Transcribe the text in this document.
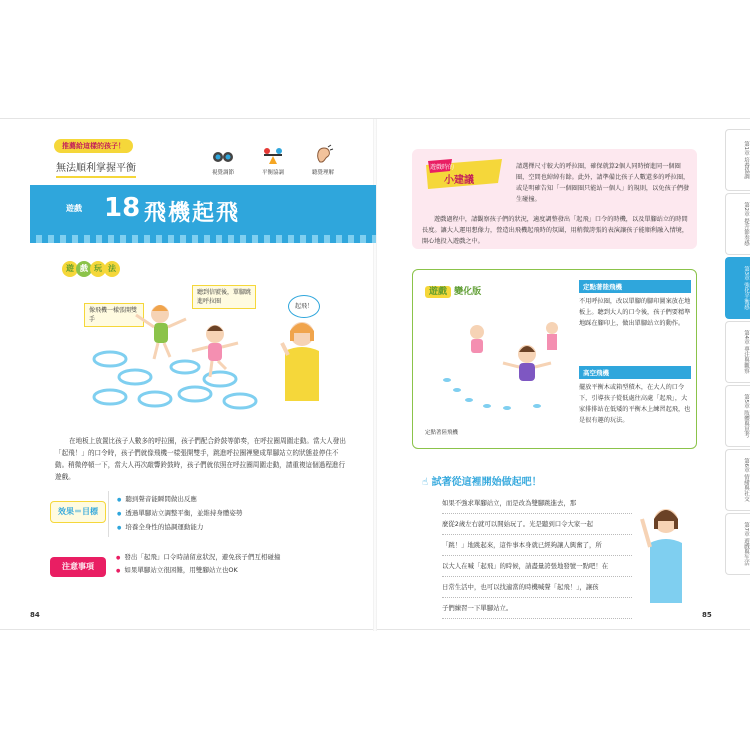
推薦給這樣的孩子！
無法順利掌握平衡	視覺調節	平衡協調	聽覺理解
遊戲 18 飛機起飛
遊 戲 玩 法
像飛機一樣張開雙手
聽到信號後，單腳跳進呼拉圈
起飛！
在地板上放置比孩子人數多的呼拉圈，孩子們配合鈴鼓等節奏，在呼拉圈周圍走動。當大人發出「起飛！」的口令時，孩子們就像飛機一樣張開雙手，跳進呼拉圈裡變成單腳站立的狀態並停住不動。稍微停頓一下，當大人再次敲響鈴鼓時，孩子們就依照在呼拉圈周圍走動，請重複這個過程進行遊戲。
效果＝目標
● 聽到聲音能瞬間做出反應
● 透過單腳站立調整平衡，並維持身體姿勢
● 培養全身性的協調運動能力
注意事項
● 發出「起飛」口令時請留意狀況，避免孩子們互相碰撞
● 如果單腳站立很困難，用雙腳站立也OK
84
遊戲時的
小建議
請選擇尺寸較大的呼拉圈，確保就算2個人同時擠進同一個圈圈，空間也綽綽有餘。此外，請準備比孩子人數還多的呼拉圈，或是明確告知「一個圈圈只能站一個人」的規則，以免孩子們發生碰撞。
遊戲過程中，請觀察孩子們的狀況，適度調整發出「起飛」口令的時機，以及單腳站立的時間長度。讓大人運用想像力，營造出飛機起飛時的氛圍，用稍微誇張的表演讓孩子能順利融入情境，開心地投入遊戲之中。
遊戲 變化版	定點著陸飛機
不用呼拉圈，改以單腳的腳印圖案放在地板上。聽到大人的口令後，孩子們要精準地踩在腳印上，做出單腳站立的動作。
高空飛機
擺放平衡木或箱型積木，在大人的口令下，引導孩子從低處往高處「起飛」，大家排排站在低矮的平衡木上練習起飛，也是很有趣的玩法。
定點著陸飛機
☝ 試著從這裡開始做起吧！
如果不強求單腳站立，而是改為雙腳跳進去，那
麼從2歲左右就可以開始玩了。光是聽到口令大家一起
「跳！」地跳起來，這件事本身就已經夠讓人興奮了，所
以大人在喊「起飛」的時候，請盡量誇張地發號一點吧！在
日常生活中，也可以找適當的時機喊聲「起飛！」，讓孩
子們練習一下單腳站立。
85
第1章 培養協調
第2章 提升節奏感
第3章 強化平衡感
第4章 專注與觀察
第5章 肢體與思考
第6章 情緒與社交
第7章 遊戲與生活
